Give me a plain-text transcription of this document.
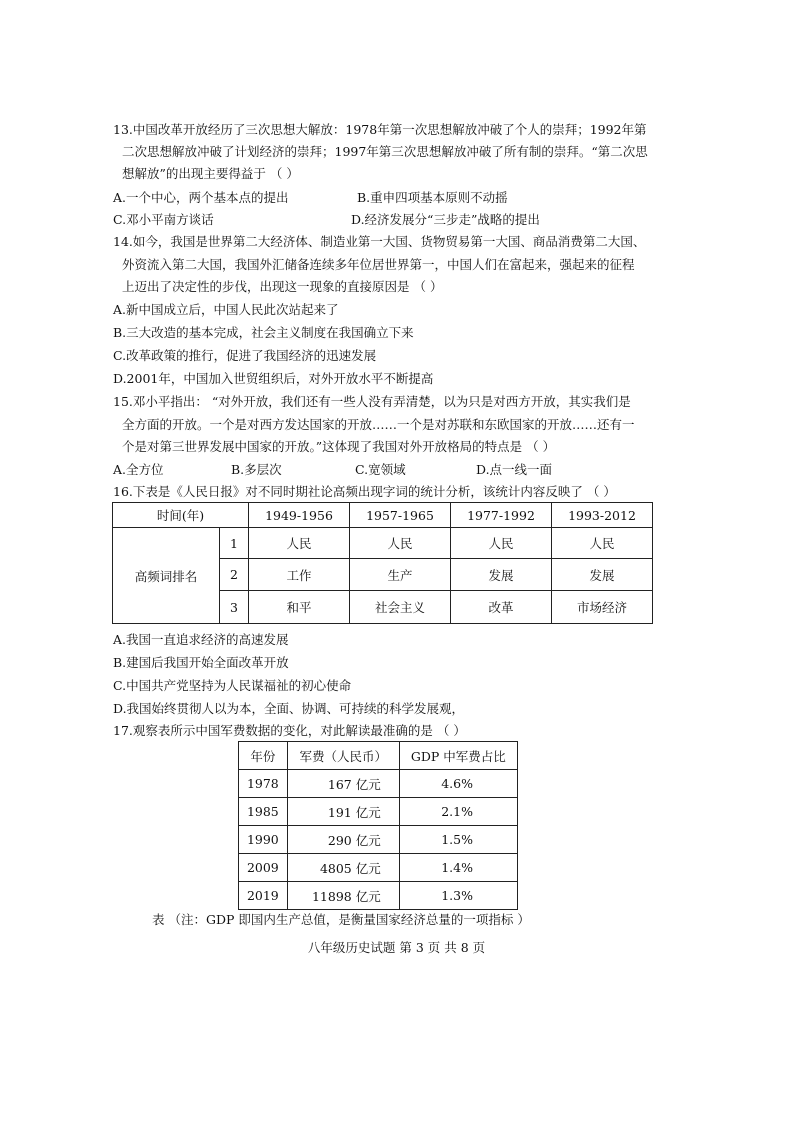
13.中国改革开放经历了三次思想大解放：1978年第一次思想解放冲破了个人的崇拜；1992年第
二次思想解放冲破了计划经济的崇拜；1997年第三次思想解放冲破了所有制的崇拜。“第二次思
想解放”的出现主要得益于 （ ）
A.一个中心，两个基本点的提出	B.重申四项基本原则不动摇
C.邓小平南方谈话	D.经济发展分“三步走”战略的提出
14.如今，我国是世界第二大经济体、制造业第一大国、货物贸易第一大国、商品消费第二大国、
外资流入第二大国，我国外汇储备连续多年位居世界第一，中国人们在富起来，强起来的征程
上迈出了决定性的步伐，出现这一现象的直接原因是 （ ）
A.新中国成立后，中国人民此次站起来了
B.三大改造的基本完成，社会主义制度在我国确立下来
C.改革政策的推行，促进了我国经济的迅速发展
D.2001年，中国加入世贸组织后，对外开放水平不断提高
15.邓小平指出： “对外开放，我们还有一些人没有弄清楚，以为只是对西方开放，其实我们是
全方面的开放。一个是对西方发达国家的开放……一个是对苏联和东欧国家的开放……还有一
个是对第三世界发展中国家的开放。”这体现了我国对外开放格局的特点是 （ ）
A.全方位	B.多层次	C.宽领域	D.点一线一面
16.下表是《人民日报》对不同时期社论高频出现字词的统计分析，该统计内容反映了 （ ）
时间(年)		1949-1956	1957-1965	1977-1992	1993-2012
高频词排名	1	人民	人民	人民	人民
	2	工作	生产	发展	发展
	3	和平	社会主义	改革	市场经济
A.我国一直追求经济的高速发展
B.建国后我国开始全面改革开放
C.中国共产党坚持为人民谋福祉的初心使命
D.我国始终贯彻人以为本，全面、协调、可持续的科学发展观，
17.观察表所示中国军费数据的变化，对此解读最准确的是 （ ）
年份	军费（人民币）	GDP 中军费占比
1978	167 亿元	4.6%
1985	191 亿元	2.1%
1990	290 亿元	1.5%
2009	4805 亿元	1.4%
2019	11898 亿元	1.3%
表 （注：GDP 即国内生产总值，是衡量国家经济总量的一项指标 ）
八年级历史试题 第 3 页 共 8 页
